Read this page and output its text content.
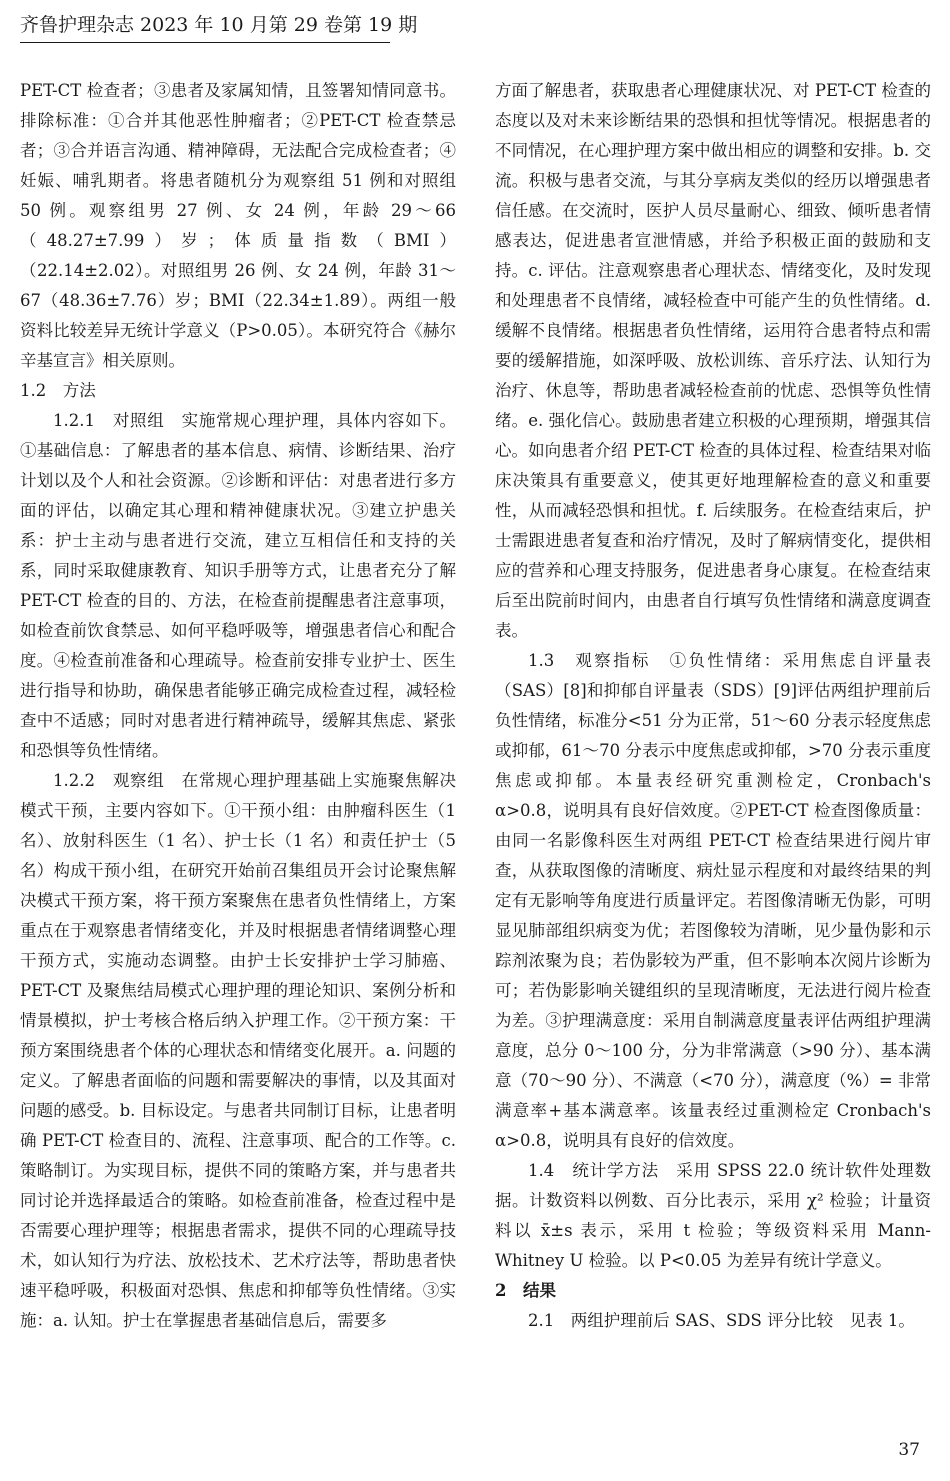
齐鲁护理杂志 2023 年 10 月第 29 卷第 19 期

PET-CT 检查者；③患者及家属知情，且签署知情同意书。排除标准：①合并其他恶性肿瘤者；②PET-CT 检查禁忌者；③合并语言沟通、精神障碍，无法配合完成检查者；④妊娠、哺乳期者。将患者随机分为观察组 51 例和对照组 50 例。观察组男 27 例、女 24 例，年龄 29～66（48.27±7.99）岁；体质量指数（BMI）（22.14±2.02）。对照组男 26 例、女 24 例，年龄 31～67（48.36±7.76）岁；BMI（22.34±1.89）。两组一般资料比较差异无统计学意义（P>0.05）。本研究符合《赫尔辛基宣言》相关原则。

1.2　方法

1.2.1　对照组　实施常规心理护理，具体内容如下。①基础信息：了解患者的基本信息、病情、诊断结果、治疗计划以及个人和社会资源。②诊断和评估：对患者进行多方面的评估，以确定其心理和精神健康状况。③建立护患关系：护士主动与患者进行交流，建立互相信任和支持的关系，同时采取健康教育、知识手册等方式，让患者充分了解 PET-CT 检查的目的、方法，在检查前提醒患者注意事项，如检查前饮食禁忌、如何平稳呼吸等，增强患者信心和配合度。④检查前准备和心理疏导。检查前安排专业护士、医生进行指导和协助，确保患者能够正确完成检查过程，减轻检查中不适感；同时对患者进行精神疏导，缓解其焦虑、紧张和恐惧等负性情绪。

1.2.2　观察组　在常规心理护理基础上实施聚焦解决模式干预，主要内容如下。①干预小组：由肿瘤科医生（1 名）、放射科医生（1 名）、护士长（1 名）和责任护士（5 名）构成干预小组，在研究开始前召集组员开会讨论聚焦解决模式干预方案，将干预方案聚焦在患者负性情绪上，方案重点在于观察患者情绪变化，并及时根据患者情绪调整心理干预方式，实施动态调整。由护士长安排护士学习肺癌、PET-CT 及聚焦结局模式心理护理的理论知识、案例分析和情景模拟，护士考核合格后纳入护理工作。②干预方案：干预方案围绕患者个体的心理状态和情绪变化展开。a. 问题的定义。了解患者面临的问题和需要解决的事情，以及其面对问题的感受。b. 目标设定。与患者共同制订目标，让患者明确 PET-CT 检查目的、流程、注意事项、配合的工作等。c. 策略制订。为实现目标，提供不同的策略方案，并与患者共同讨论并选择最适合的策略。如检查前准备，检查过程中是否需要心理护理等；根据患者需求，提供不同的心理疏导技术，如认知行为疗法、放松技术、艺术疗法等，帮助患者快速平稳呼吸，积极面对恐惧、焦虑和抑郁等负性情绪。③实施：a. 认知。护士在掌握患者基础信息后，需要多

方面了解患者，获取患者心理健康状况、对 PET-CT 检查的态度以及对未来诊断结果的恐惧和担忧等情况。根据患者的不同情况，在心理护理方案中做出相应的调整和安排。b. 交流。积极与患者交流，与其分享病友类似的经历以增强患者信任感。在交流时，医护人员尽量耐心、细致、倾听患者情感表达，促进患者宣泄情感，并给予积极正面的鼓励和支持。c. 评估。注意观察患者心理状态、情绪变化，及时发现和处理患者不良情绪，减轻检查中可能产生的负性情绪。d. 缓解不良情绪。根据患者负性情绪，运用符合患者特点和需要的缓解措施，如深呼吸、放松训练、音乐疗法、认知行为治疗、休息等，帮助患者减轻检查前的忧虑、恐惧等负性情绪。e. 强化信心。鼓励患者建立积极的心理预期，增强其信心。如向患者介绍 PET-CT 检查的具体过程、检查结果对临床决策具有重要意义，使其更好地理解检查的意义和重要性，从而减轻恐惧和担忧。f. 后续服务。在检查结束后，护士需跟进患者复查和治疗情况，及时了解病情变化，提供相应的营养和心理支持服务，促进患者身心康复。在检查结束后至出院前时间内，由患者自行填写负性情绪和满意度调查表。

1.3　观察指标　①负性情绪：采用焦虑自评量表（SAS）[8]和抑郁自评量表（SDS）[9]评估两组护理前后负性情绪，标准分<51 分为正常，51～60 分表示轻度焦虑或抑郁，61～70 分表示中度焦虑或抑郁，>70 分表示重度焦虑或抑郁。本量表经研究重测检定，Cronbach's α>0.8，说明具有良好信效度。②PET-CT 检查图像质量：由同一名影像科医生对两组 PET-CT 检查结果进行阅片审查，从获取图像的清晰度、病灶显示程度和对最终结果的判定有无影响等角度进行质量评定。若图像清晰无伪影，可明显见肺部组织病变为优；若图像较为清晰，见少量伪影和示踪剂浓聚为良；若伪影较为严重，但不影响本次阅片诊断为可；若伪影影响关键组织的呈现清晰度，无法进行阅片检查为差。③护理满意度：采用自制满意度量表评估两组护理满意度，总分 0～100 分，分为非常满意（>90 分）、基本满意（70～90 分）、不满意（<70 分），满意度（%）= 非常满意率+基本满意率。该量表经过重测检定 Cronbach's α>0.8，说明具有良好的信效度。

1.4　统计学方法　采用 SPSS 22.0 统计软件处理数据。计数资料以例数、百分比表示，采用 χ² 检验；计量资料以 x̄±s 表示，采用 t 检验；等级资料采用 Mann-Whitney U 检验。以 P<0.05 为差异有统计学意义。

2　结果

2.1　两组护理前后 SAS、SDS 评分比较　见表 1。

37
